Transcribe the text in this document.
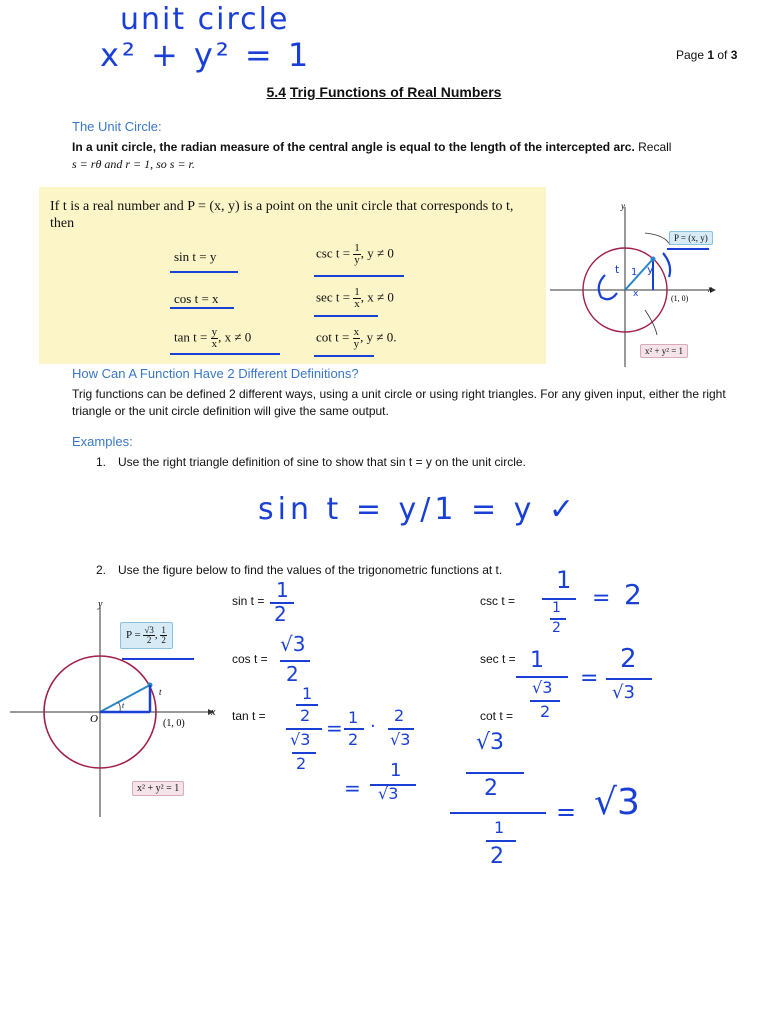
unit circle
x² + y² = 1	Page 1 of 3
5.4 Trig Functions of Real Numbers
The Unit Circle:
In a unit circle, the radian measure of the central angle is equal to the length of the intercepted arc. Recall
s = rθ and r = 1, so s = r.
If t is a real number and P = (x, y) is a point on the unit circle that corresponds to t, then
sin t = y
cos t = x
$\tan t = \frac{y}{x}$ , x ≠ 0
$\csc t = \frac{1}{y}$ , y ≠ 0
$\sec t = \frac{1}{x}$ , x ≠ 0
$\cot t = \frac{x}{y}$ , y ≠ 0.
y
x
t 1 y
x	(1, 0)
P = (x, y)
x² + y² = 1
How Can A Function Have 2 Different Definitions?
Trig functions can be defined 2 different ways, using a unit circle or using right triangles. For any given input, either the right triangle or the unit circle definition will give the same output.
Examples:
1. Use the right triangle definition of sine to show that sin t = y on the unit circle.
sin t = y/1 = y ✓
2. Use the figure below to find the values of the trigonometric functions at t.
y
x
O
t
t
(1, 0)
$P = \frac{√3}{2}$ , $\frac{1}{2}$
x² + y² = 1
sin t =
cos t =
tan t =
csc t =
sec t =
cot t =
1
2
√3
2
1
2
√3
2
= 1
2
·
2
√3
=
1
√3
1
1
2
= 2
1
√3
2
=
2
√3
√3
2
1
2
= √3
